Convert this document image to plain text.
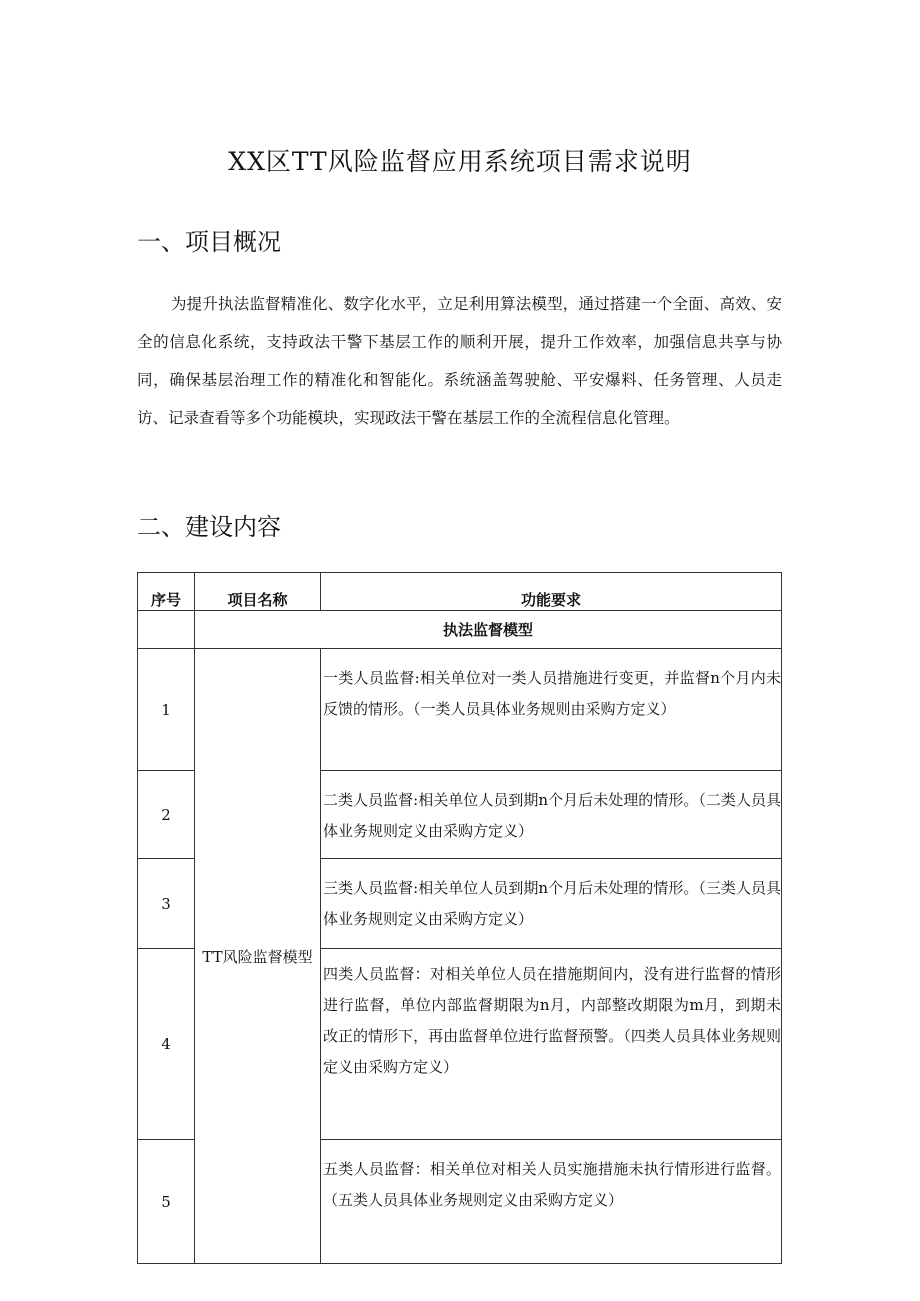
XX区TT风险监督应用系统项目需求说明
一、项目概况

为提升执法监督精准化、数字化水平，立足利用算法模型，通过搭建一个全面、高效、安全的信息化系统，支持政法干警下基层工作的顺利开展，提升工作效率，加强信息共享与协同，确保基层治理工作的精准化和智能化。系统涵盖驾驶舱、平安爆料、任务管理、人员走访、记录查看等多个功能模块，实现政法干警在基层工作的全流程信息化管理。

二、建设内容
序号	项目名称	功能要求
	执法监督模型	
1	TT风险监督模型	一类人员监督:相关单位对一类人员措施进行变更，并监督n个月内未反馈的情形。（一类人员具体业务规则由采购方定义）
2		二类人员监督:相关单位人员到期n个月后未处理的情形。（二类人员具体业务规则定义由采购方定义）
3		三类人员监督:相关单位人员到期n个月后未处理的情形。（三类人员具体业务规则定义由采购方定义）
4		四类人员监督：对相关单位人员在措施期间内，没有进行监督的情形进行监督，单位内部监督期限为n月，内部整改期限为m月，到期未改正的情形下，再由监督单位进行监督预警。（四类人员具体业务规则定义由采购方定义）
5		五类人员监督：相关单位对相关人员实施措施未执行情形进行监督。（五类人员具体业务规则定义由采购方定义）
